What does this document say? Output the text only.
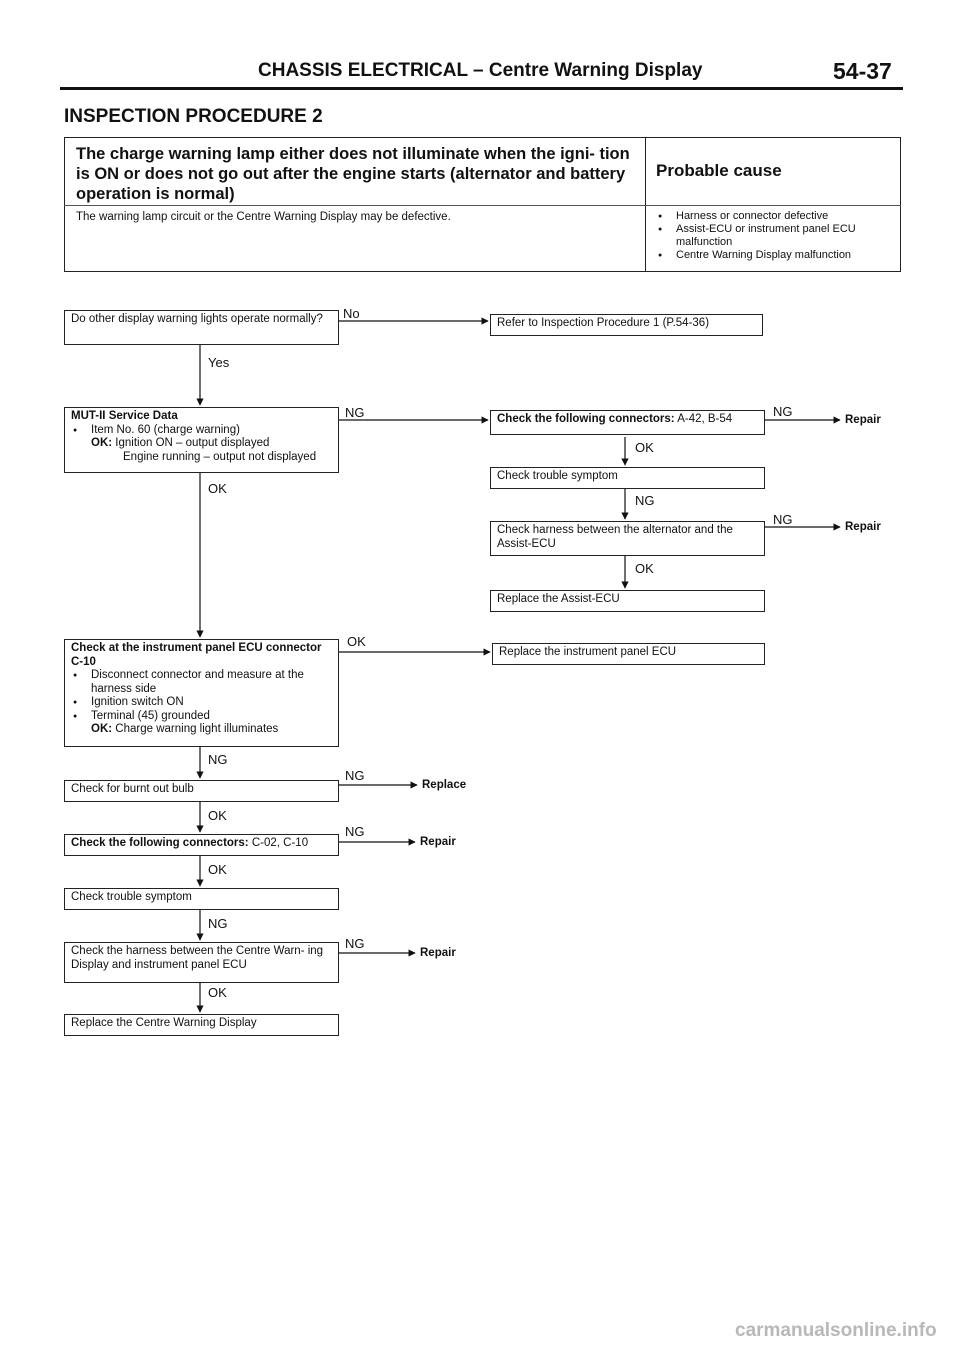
CHASSIS ELECTRICAL – Centre Warning Display	54-37
INSPECTION PROCEDURE 2
The charge warning lamp either does not illuminate when the igni- tion is ON or does not go out after the engine starts (alternator and battery operation is normal)
Probable cause
The warning lamp circuit or the Centre Warning Display may be defective.
●	Harness or connector defective
● Assist-ECU or instrument panel ECU malfunction
● Centre Warning Display malfunction
Do other display warning lights operate normally?
MUT-II Service Data
● Item No. 60 (charge warning)
OK: Ignition ON – output displayed
Engine running – output not displayed
Check at the instrument panel ECU connector C-10
● Disconnect connector and measure at the harness side
● Ignition switch ON
● Terminal (45) grounded
OK: Charge warning light illuminates
Check for burnt out bulb
Check the following connectors: C-02, C-10
Check trouble symptom
Check the harness between the Centre Warn- ing Display and instrument panel ECU
Replace the Centre Warning Display
Refer to Inspection Procedure 1 (P.54-36)
Check the following connectors: A-42, B-54
Check trouble symptom
Check harness between the alternator and the Assist-ECU
Replace the Assist-ECU
Replace the instrument panel ECU
No
Yes
NG
OK
NG
OK
NG
NG
OK
OK
NG
NG
OK
NG
OK
NG
NG
OK
Repair
Repair
Replace
Repair
Repair
carmanualsonline.info
